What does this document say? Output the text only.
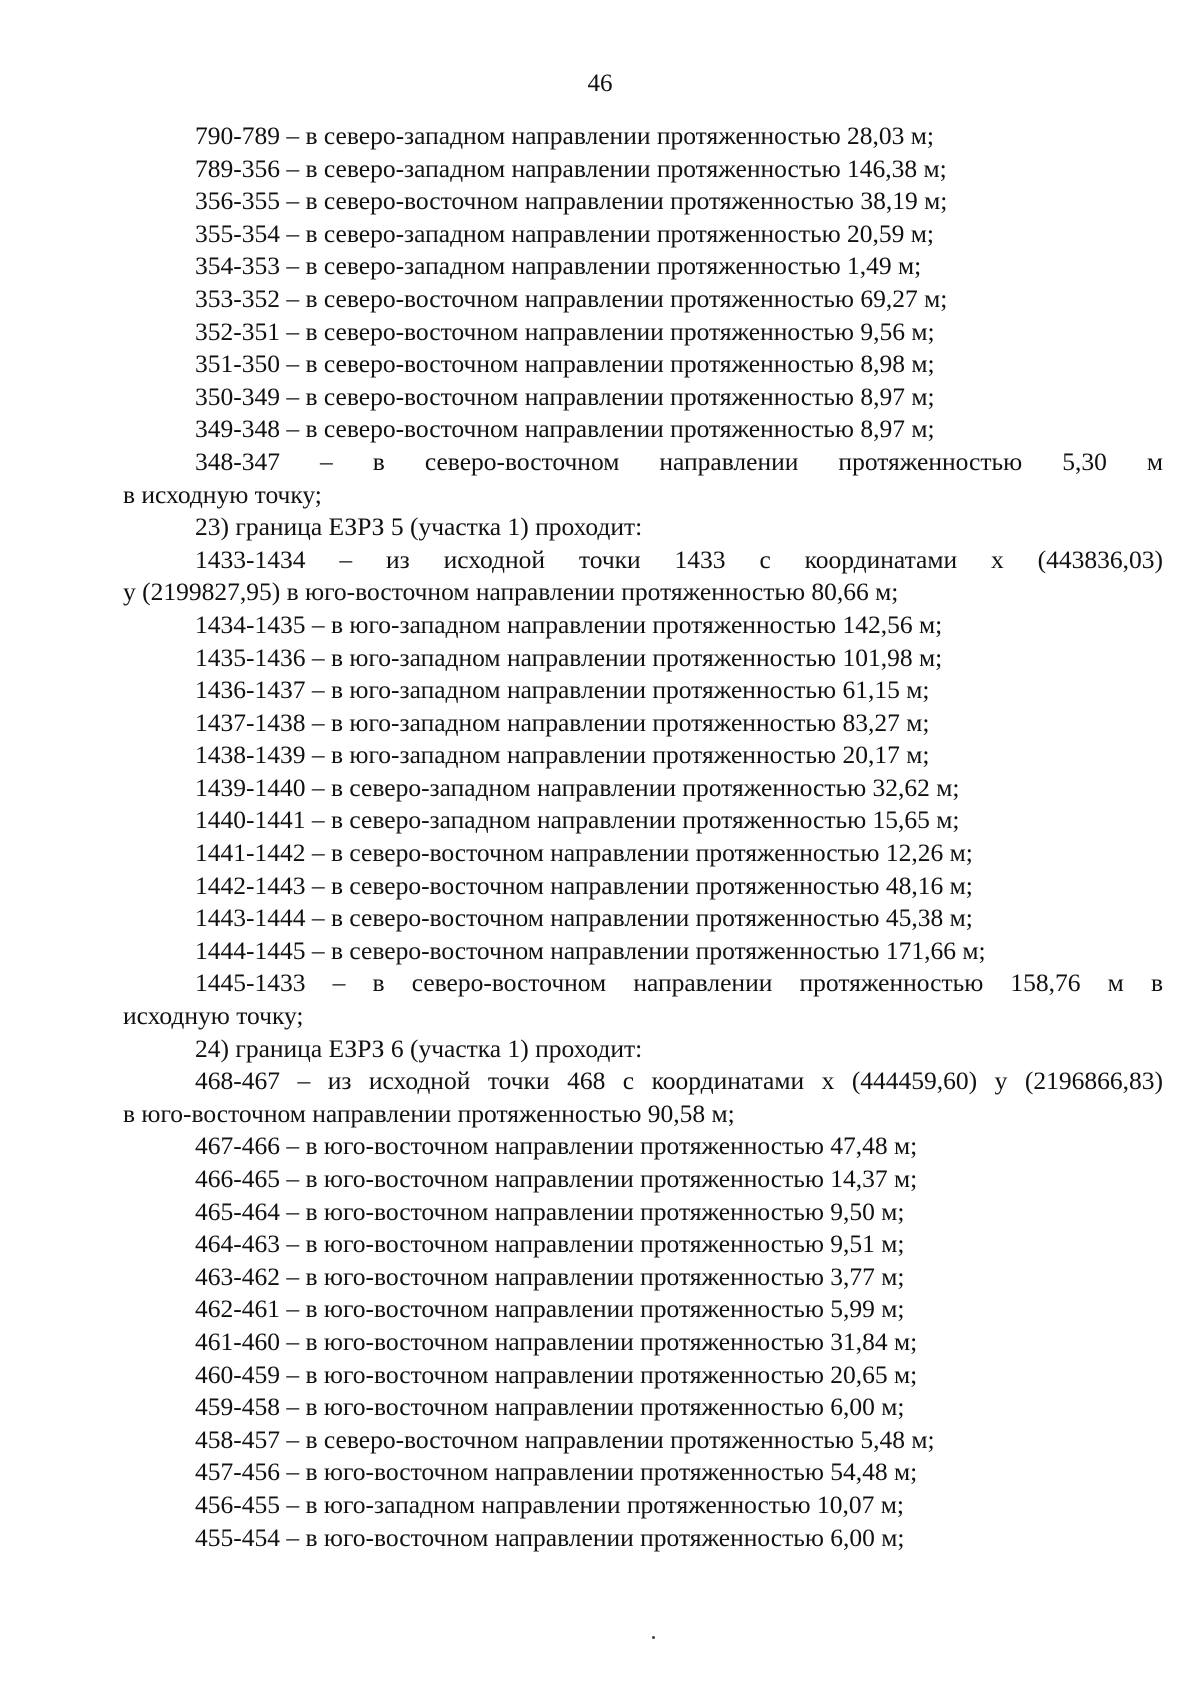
46
790-789 – в северо-западном направлении протяженностью 28,03 м;
789-356 – в северо-западном направлении протяженностью 146,38 м;
356-355 – в северо-восточном направлении протяженностью 38,19 м;
355-354 – в северо-западном направлении протяженностью 20,59 м;
354-353 – в северо-западном направлении протяженностью 1,49 м;
353-352 – в северо-восточном направлении протяженностью 69,27 м;
352-351 – в северо-восточном направлении протяженностью 9,56 м;
351-350 – в северо-восточном направлении протяженностью 8,98 м;
350-349 – в северо-восточном направлении протяженностью 8,97 м;
349-348 – в северо-восточном направлении протяженностью 8,97 м;
348-347 – в северо-восточном направлении протяженностью 5,30 м
в исходную точку;
23) граница ЕЗРЗ 5 (участка 1) проходит:
1433-1434 – из исходной точки 1433 с координатами х (443836,03)
у (2199827,95) в юго-восточном направлении протяженностью 80,66 м;
1434-1435 – в юго-западном направлении протяженностью 142,56 м;
1435-1436 – в юго-западном направлении протяженностью 101,98 м;
1436-1437 – в юго-западном направлении протяженностью 61,15 м;
1437-1438 – в юго-западном направлении протяженностью 83,27 м;
1438-1439 – в юго-западном направлении протяженностью 20,17 м;
1439-1440 – в северо-западном направлении протяженностью 32,62 м;
1440-1441 – в северо-западном направлении протяженностью 15,65 м;
1441-1442 – в северо-восточном направлении протяженностью 12,26 м;
1442-1443 – в северо-восточном направлении протяженностью 48,16 м;
1443-1444 – в северо-восточном направлении протяженностью 45,38 м;
1444-1445 – в северо-восточном направлении протяженностью 171,66 м;
1445-1433 – в северо-восточном направлении протяженностью 158,76 м в
исходную точку;
24) граница ЕЗРЗ 6 (участка 1) проходит:
468-467 – из исходной точки 468 с координатами х (444459,60) у (2196866,83)
в юго-восточном направлении протяженностью 90,58 м;
467-466 – в юго-восточном направлении протяженностью 47,48 м;
466-465 – в юго-восточном направлении протяженностью 14,37 м;
465-464 – в юго-восточном направлении протяженностью 9,50 м;
464-463 – в юго-восточном направлении протяженностью 9,51 м;
463-462 – в юго-восточном направлении протяженностью 3,77 м;
462-461 – в юго-восточном направлении протяженностью 5,99 м;
461-460 – в юго-восточном направлении протяженностью 31,84 м;
460-459 – в юго-восточном направлении протяженностью 20,65 м;
459-458 – в юго-восточном направлении протяженностью 6,00 м;
458-457 – в северо-восточном направлении протяженностью 5,48 м;
457-456 – в юго-восточном направлении протяженностью 54,48 м;
456-455 – в юго-западном направлении протяженностью 10,07 м;
455-454 – в юго-восточном направлении протяженностью 6,00 м;
